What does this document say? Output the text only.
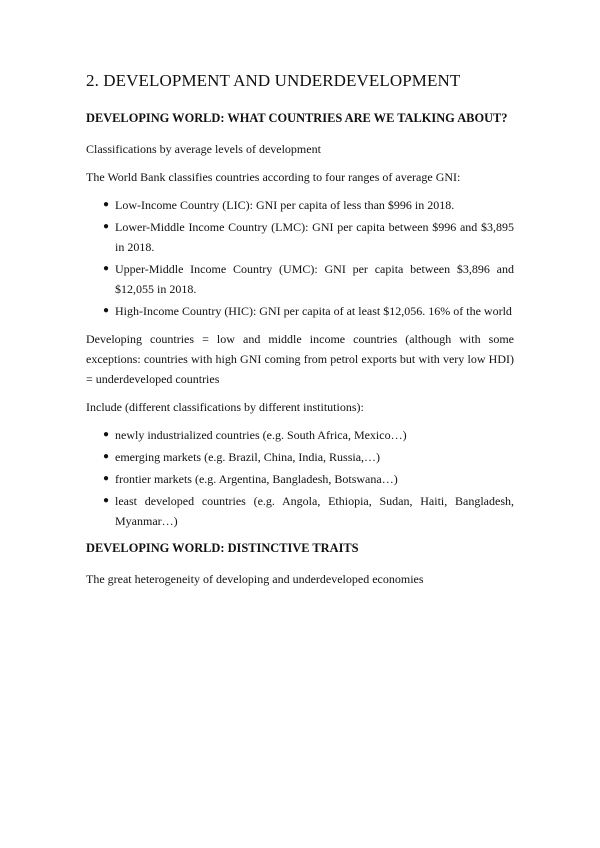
2. DEVELOPMENT AND UNDERDEVELOPMENT
DEVELOPING WORLD: WHAT COUNTRIES ARE WE TALKING ABOUT?

Classifications by average levels of development

The World Bank classifies countries according to four ranges of average GNI:

● Low-Income Country (LIC): GNI per capita of less than $996 in 2018.
● Lower-Middle Income Country (LMC): GNI per capita between $996 and $3,895 in 2018.
● Upper-Middle Income Country (UMC): GNI per capita between $3,896 and $12,055 in 2018.
● High-Income Country (HIC): GNI per capita of at least $12,056. 16% of the world

Developing countries = low and middle income countries (although with some exceptions: countries with high GNI coming from petrol exports but with very low HDI) = underdeveloped countries

Include (different classifications by different institutions):

● newly industrialized countries (e.g. South Africa, Mexico…)
● emerging markets (e.g. Brazil, China, India, Russia,…)
● frontier markets (e.g. Argentina, Bangladesh, Botswana…)
● least developed countries (e.g. Angola, Ethiopia, Sudan, Haiti, Bangladesh, Myanmar…)
DEVELOPING WORLD: DISTINCTIVE TRAITS

The great heterogeneity of developing and underdeveloped economies
